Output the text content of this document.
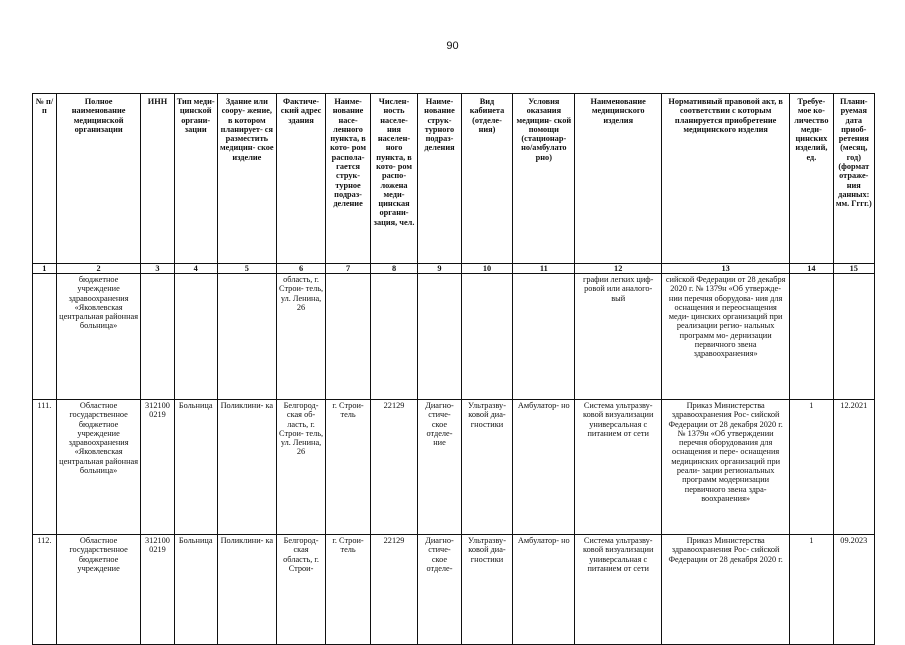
90
№ п/п	Полное наименование медицинской организации	ИНН	Тип меди- цинской органи- зации	Здание или соору- жение, в котором планирует- ся разместить медицин- ское изделие	Фактиче- ский адрес здания	Наиме- нование насе- ленного пункта, в кото- ром распола- гается струк- турное подраз- деление	Числен- ность населе- ния населен- ного пункта, в кото- ром распо- ложена меди- цинская органи- зация, чел.	Наиме- нование струк- турного подраз- деления	Вид кабинета (отделе- ния)	Условия оказания медицин- ской помощи (стационар- но/амбулато рно)	Наименование медицинского изделия	Нормативный правовой акт, в соответствии с которым планируется приобретение медицинского изделия	Требуе- мое ко- личество меди- цинских изделий, ед.	Плани- руемая дата приоб- ретения (месяц, год) (формат отраже- ния данных: мм. Гггг.)
1	2	3	4	5	6	7	8	9	10	11	12	13	14	15
	бюджетное учреждение здравоохранения «Яковлевская центральная районная больница»				область, г. Строи- тель, ул. Ленина, 26						графии легких циф- ровой или аналого- вый	сийской Федерации от 28 декабря 2020 г. № 1379н «Об утвержде- нии перечня оборудова- ния для оснащения и переоснащения меди- цинских организаций при реализации регио- нальных программ мо- дернизации первичного звена здравоохранения»		
111.	Областное государственное бюджетное учреждение здравоохранения «Яковлевская центральная районная больница»	3121000219	Больница	Поликлини- ка	Белгород- ская об- ласть, г. Строи- тель, ул. Ленина, 26	г. Строи- тель	22129	Диагно- стиче- ское отделе- ние	Ультразву- ковой диа- гностики	Амбулатор- но	Система ультразву- ковой визуализации универсальная с питанием от сети	Приказ Министерства здравоохранения Рос- сийской Федерации от 28 декабря 2020 г. № 1379н «Об утверждении перечня оборудования для оснащения и пере- оснащения медицинских организаций при реали- зации региональных программ модернизации первичного звена здра- воохранения»	1	12.2021
112.	Областное государственное бюджетное учреждение	3121000219	Больница	Поликлини- ка	Белгород- ская область, г. Строи-	г. Строи- тель	22129	Диагно- стиче- ское отделе-	Ультразву- ковой диа- гностики	Амбулатор- но	Система ультразву- ковой визуализации универсальная с питанием от сети	Приказ Министерства здравоохранения Рос- сийской Федерации от 28 декабря 2020 г.	1	09.2023
